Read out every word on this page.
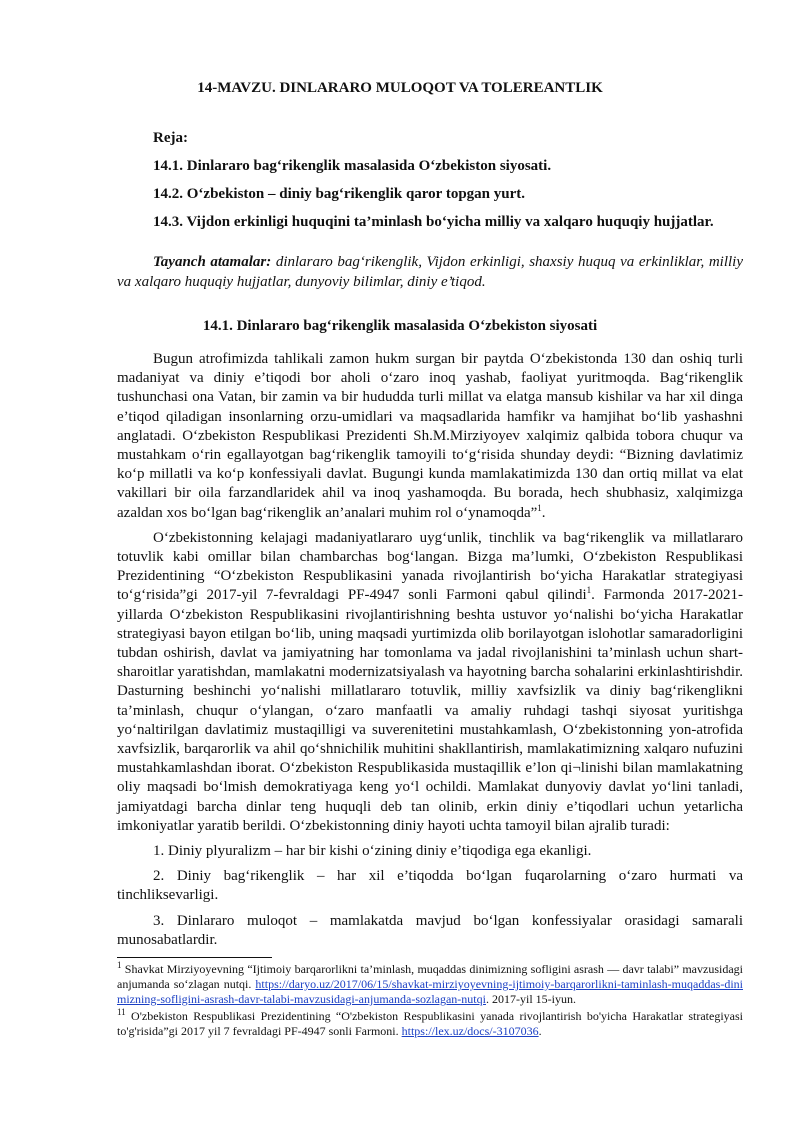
14-MAVZU. DINLARARO MULOQOT VA TOLEREANTLIK

Reja:

14.1. Dinlararo bag‘rikenglik masalasida O‘zbekiston siyosati.

14.2. O‘zbekiston – diniy bag‘rikenglik qaror topgan yurt.

14.3. Vijdon erkinligi huquqini ta’minlash bo‘yicha milliy va xalqaro huquqiy hujjatlar.

Tayanch atamalar: dinlararo bag‘rikenglik, Vijdon erkinligi, shaxsiy huquq va erkinliklar, milliy va xalqaro huquqiy hujjatlar, dunyoviy bilimlar, diniy e’tiqod.

14.1. Dinlararo bag‘rikenglik masalasida O‘zbekiston siyosati

Bugun atrofimizda tahlikali zamon hukm surgan bir paytda O‘zbekistonda 130 dan oshiq turli madaniyat va diniy e’tiqodi bor aholi o‘zaro inoq yashab, faoliyat yuritmoqda. Bag‘rikenglik tushunchasi ona Vatan, bir zamin va bir hududda turli millat va elatga mansub kishilar va har xil dinga e’tiqod qiladigan insonlarning orzu-umidlari va maqsadlarida hamfikr va hamjihat bo‘lib yashashni anglatadi. O‘zbekiston Respublikasi Prezidenti Sh.M.Mirziyoyev xalqimiz qalbida tobora chuqur va mustahkam o‘rin egallayotgan bag‘rikenglik tamoyili to‘g‘risida shunday deydi: “Bizning davlatimiz ko‘p millatli va ko‘p konfessiyali davlat. Bugungi kunda mamlakatimizda 130 dan ortiq millat va elat vakillari bir oila farzandlaridek ahil va inoq yashamoqda. Bu borada, hech shubhasiz, xalqimizga azaldan xos bo‘lgan bag‘rikenglik an’analari muhim rol o‘ynamoqda”$^1$.

O‘zbekistonning kelajagi madaniyatlararo uyg‘unlik, tinchlik va bag‘rikenglik va millatlararo totuvlik kabi omillar bilan chambarchas bog‘langan. Bizga ma’lumki, O‘zbekiston Respublikasi Prezidentining “O‘zbekiston Respublikasini yanada rivojlantirish bo‘yicha Harakatlar strategiyasi to‘g‘risida”gi 2017-yil 7-fevraldagi PF-4947 sonli Farmoni qabul qilindi$^1$. Farmonda 2017-2021-yillarda O‘zbekiston Respublikasini rivojlantirishning beshta ustuvor yo‘nalishi bo‘yicha Harakatlar strategiyasi bayon etilgan bo‘lib, uning maqsadi yurtimizda olib borilayotgan islohotlar samaradorligini tubdan oshirish, davlat va jamiyatning har tomonlama va jadal rivojlanishini ta’minlash uchun shart-sharoitlar yaratishdan, mamlakatni modernizatsiyalash va hayotning barcha sohalarini erkinlashtirishdir. Dasturning beshinchi yo‘nalishi millatlararo totuvlik, milliy xavfsizlik va diniy bag‘rikenglikni ta’minlash, chuqur o‘ylangan, o‘zaro manfaatli va amaliy ruhdagi tashqi siyosat yuritishga yo‘naltirilgan davlatimiz mustaqilligi va suverenitetini mustahkamlash, O‘zbekistonning yon-atrofida xavfsizlik, barqarorlik va ahil qo‘shnichilik muhitini shakllantirish, mamlakatimizning xalqaro nufuzini mustahkamlashdan iborat. O‘zbekiston Respublikasida mustaqillik e’lon qi¬linishi bilan mamlakatning oliy maqsadi bo‘lmish demokratiyaga keng yo‘l ochildi. Mamlakat dunyoviy davlat yo‘lini tanladi, jamiyatdagi barcha dinlar teng huquqli deb tan olinib, erkin diniy e’tiqodlari uchun yetarlicha imkoniyatlar yaratib berildi. O‘zbekistonning diniy hayoti uchta tamoyil bilan ajralib turadi:

1. Diniy plyuralizm – har bir kishi o‘zining diniy e’tiqodiga ega ekanligi.

2. Diniy bag‘rikenglik – har xil e’tiqodda bo‘lgan fuqarolarning o‘zaro hurmati va tinchliksevarligi.

3. Dinlararo muloqot – mamlakatda mavjud bo‘lgan konfessiyalar orasidagi samarali munosabatlardir.

$^1$ Shavkat Mirziyoyevning “Ijtimoiy barqarorlikni ta’minlash, muqaddas dinimizning sofligini asrash — davr talabi” mavzusidagi anjumanda so‘zlagan nutqi. https://daryo.uz/2017/06/15/shavkat-mirziyoyevning-ijtimoiy-barqarorlikni-taminlash-muqaddas-dinimizning-sofligini-asrash-davr-talabi-mavzusidagi-anjumanda-sozlagan-nutqi. 2017-yil 15-iyun.

$^{11}$ O'zbekiston Respublikasi Prezidentining “O'zbekiston Respublikasini yanada rivojlantirish bo'yicha Harakatlar strategiyasi to'g'risida”gi 2017 yil 7 fevraldagi PF-4947 sonli Farmoni. https://lex.uz/docs/-3107036.
